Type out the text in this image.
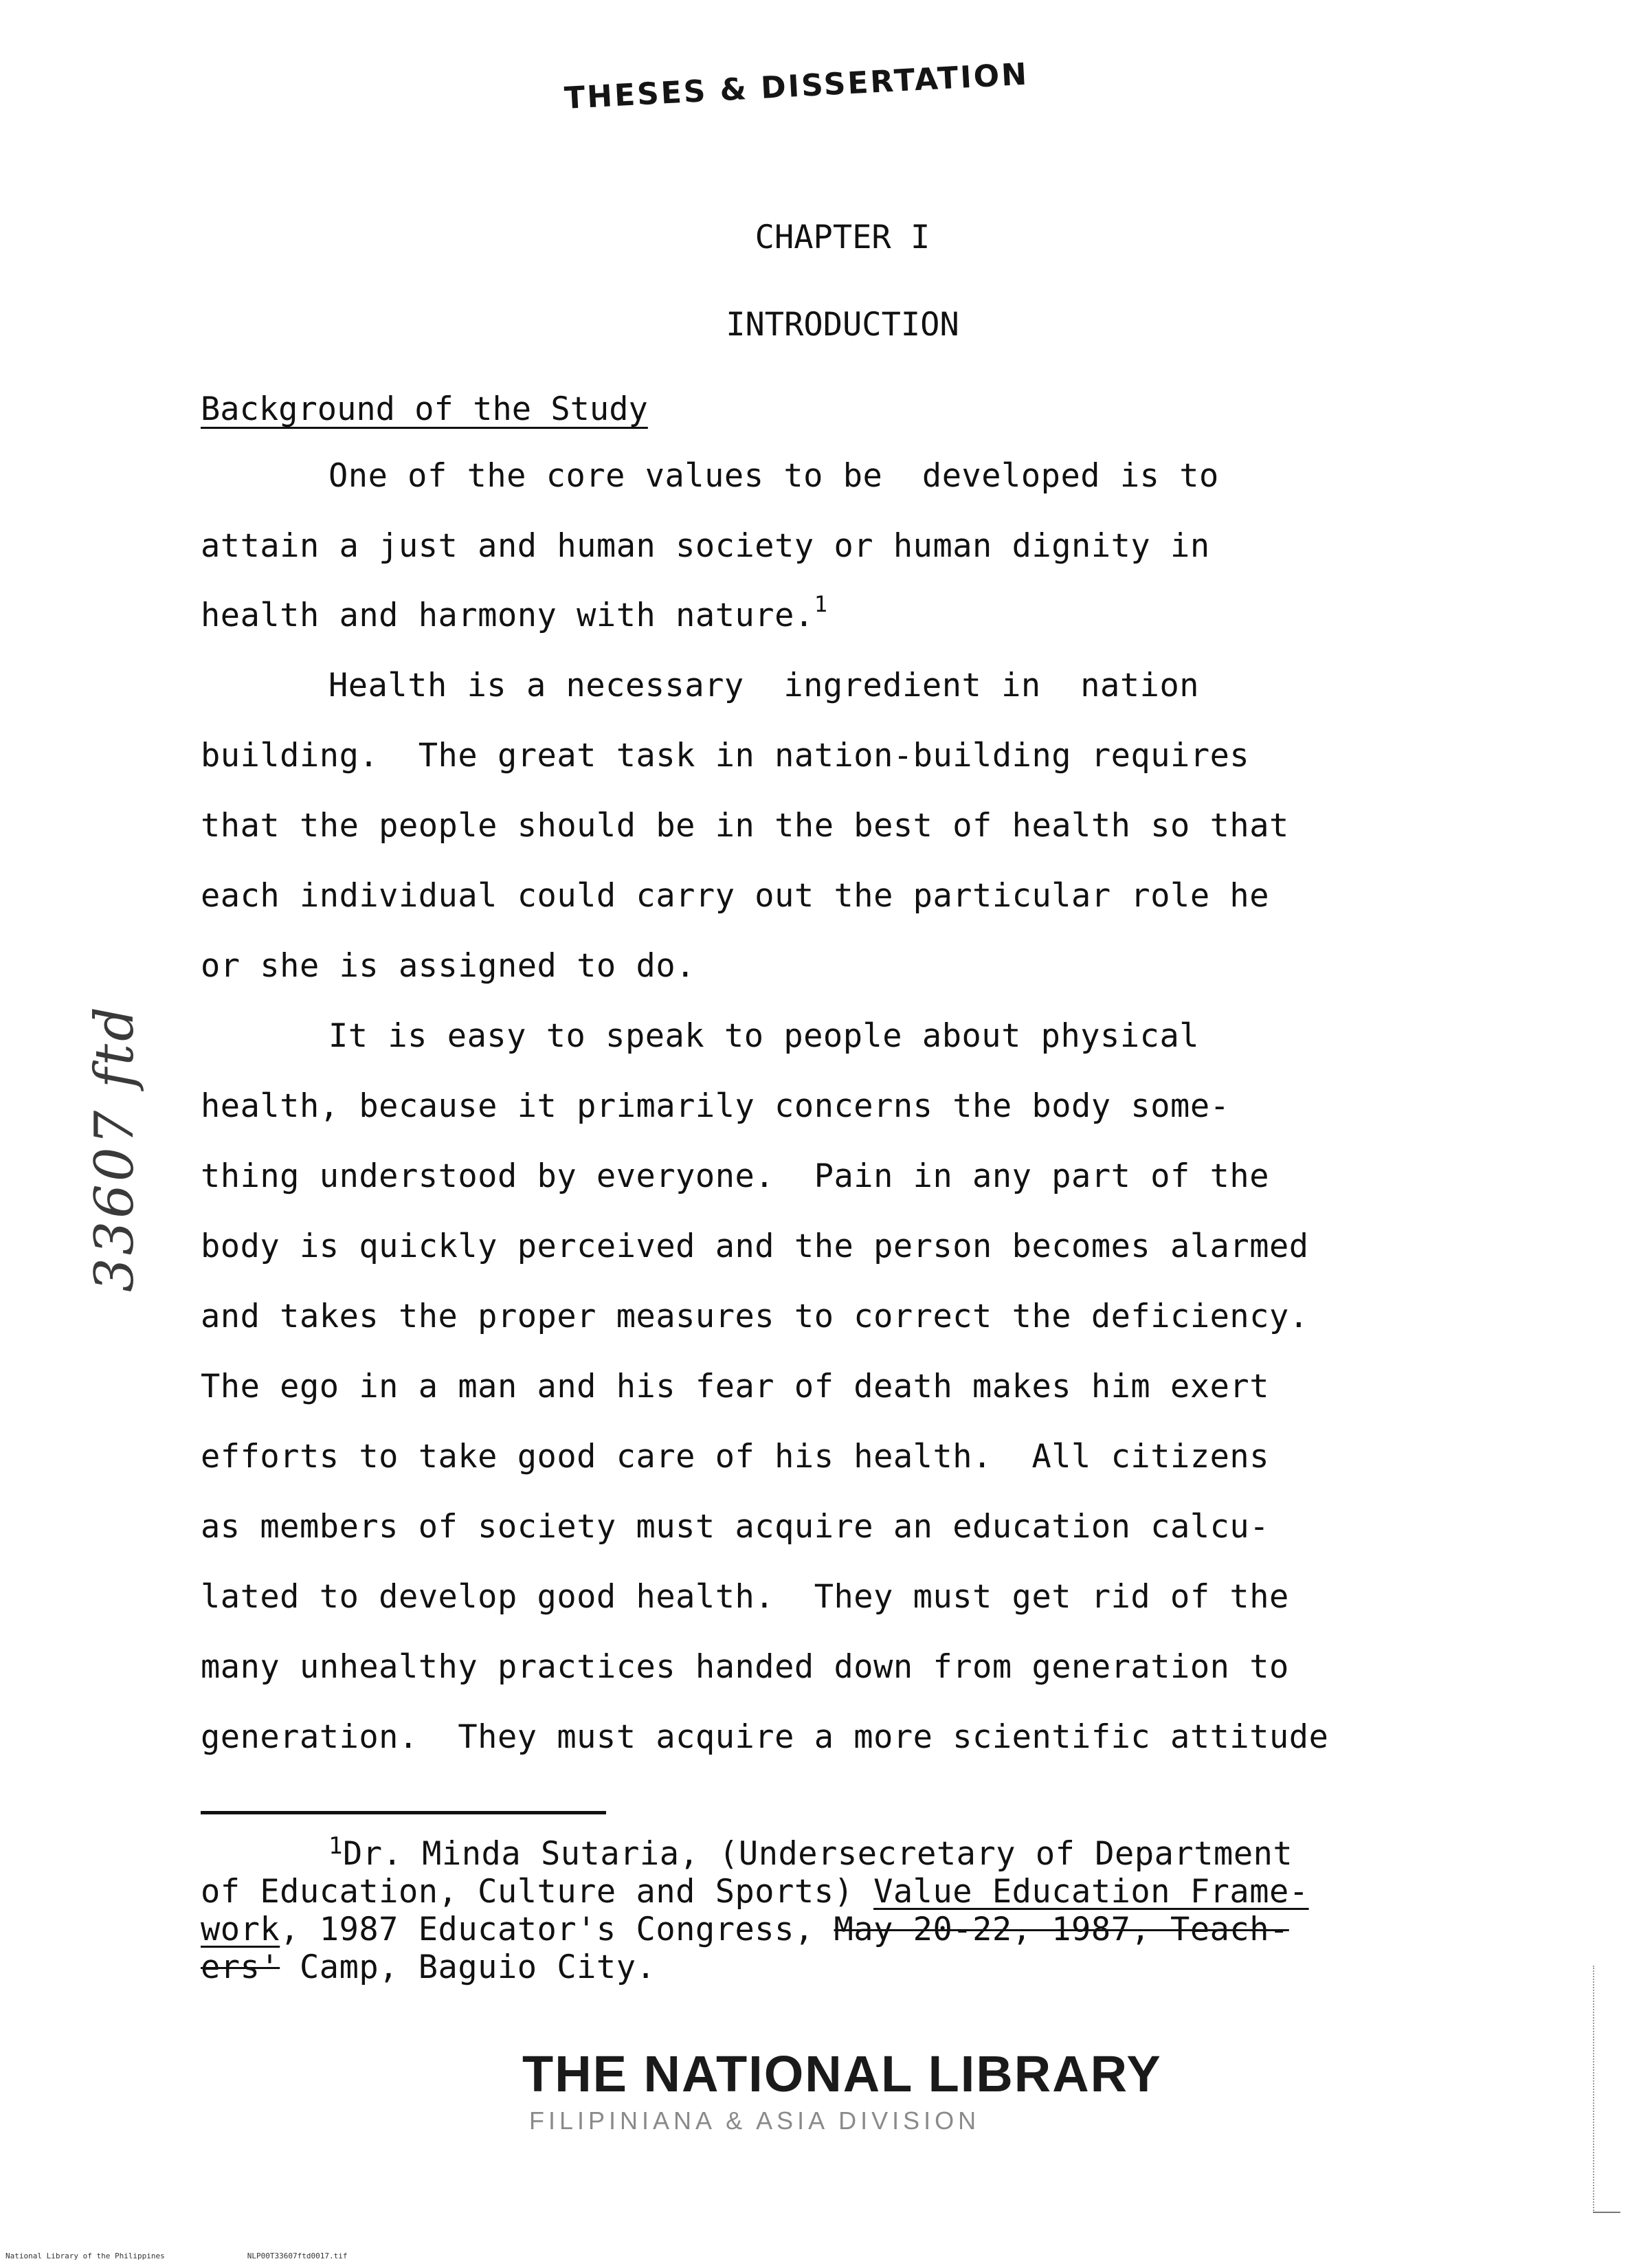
THESES & DISSERTATION
CHAPTER I
INTRODUCTION
Background of the Study
One of the core values to be  developed is to
attain a just and human society or human dignity in
health and harmony with nature.$^1$
Health is a necessary  ingredient in  nation
building.  The great task in nation-building requires
that the people should be in the best of health so that
each individual could carry out the particular role he
or she is assigned to do.
It is easy to speak to people about physical
health, because it primarily concerns the body some-
thing understood by everyone.  Pain in any part of the
body is quickly perceived and the person becomes alarmed
and takes the proper measures to correct the deficiency.
The ego in a man and his fear of death makes him exert
efforts to take good care of his health.  All citizens
as members of society must acquire an education calcu-
lated to develop good health.  They must get rid of the
many unhealthy practices handed down from generation to
generation.  They must acquire a more scientific attitude
$^1$Dr. Minda Sutaria, (Undersecretary of Department
of Education, Culture and Sports) Value Education Frame-
work, 1987 Educator's Congress, May 20-22, 1987, Teach-
ers' Camp, Baguio City.
THE NATIONAL LIBRARY
FILIPINIANA & ASIA DIVISION
33607 ftd
National Library of the Philippines	NLP00T33607ftd0017.tif
